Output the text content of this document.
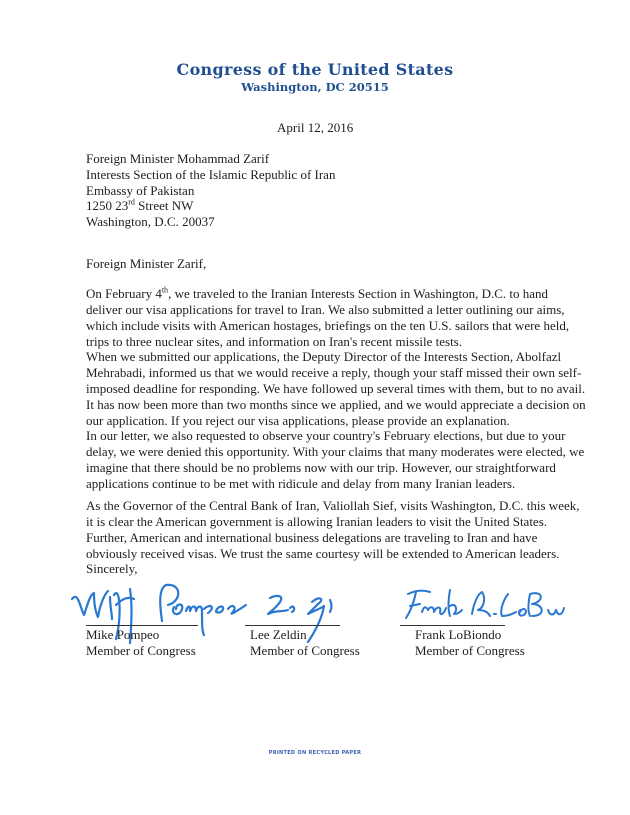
Congress of the United States
Washington, DC 20515
April 12, 2016
Foreign Minister Mohammad Zarif
Interests Section of the Islamic Republic of Iran
Embassy of Pakistan
1250 23rd Street NW
Washington, D.C. 20037
Foreign Minister Zarif,
On February 4th, we traveled to the Iranian Interests Section in Washington, D.C. to hand deliver our visa applications for travel to Iran. We also submitted a letter outlining our aims, which include visits with American hostages, briefings on the ten U.S. sailors that were held, trips to three nuclear sites, and information on Iran's recent missile tests.
When we submitted our applications, the Deputy Director of the Interests Section, Abolfazl Mehrabadi, informed us that we would receive a reply, though your staff missed their own self-imposed deadline for responding. We have followed up several times with them, but to no avail. It has now been more than two months since we applied, and we would appreciate a decision on our application. If you reject our visa applications, please provide an explanation.
In our letter, we also requested to observe your country's February elections, but due to your delay, we were denied this opportunity. With your claims that many moderates were elected, we imagine that there should be no problems now with our trip. However, our straightforward applications continue to be met with ridicule and delay from many Iranian leaders.
As the Governor of the Central Bank of Iran, Valiollah Sief, visits Washington, D.C. this week, it is clear the American government is allowing Iranian leaders to visit the United States. Further, American and international business delegations are traveling to Iran and have obviously received visas. We trust the same courtesy will be extended to American leaders.
Sincerely,
Mike Pompeo
Member of Congress
Lee Zeldin
Member of Congress
Frank LoBiondo
Member of Congress
PRINTED ON RECYCLED PAPER
